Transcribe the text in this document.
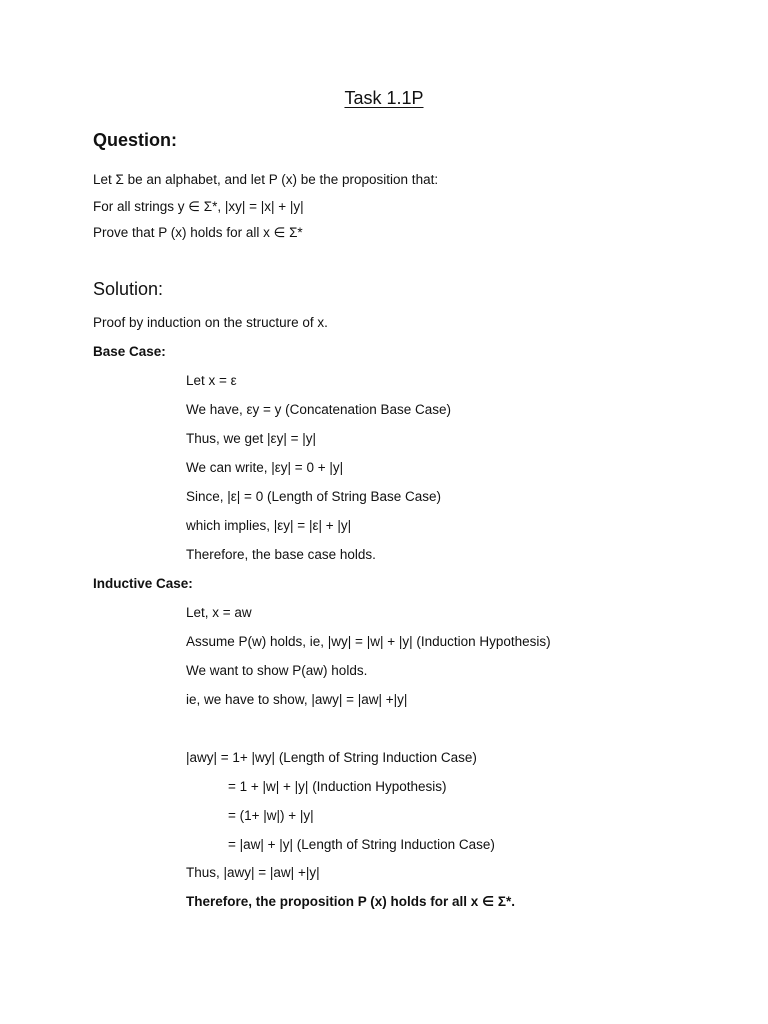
Task 1.1P
Question:
Let Σ be an alphabet, and let P (x) be the proposition that:
For all strings y ∈ Σ*, |xy| = |x| + |y|
Prove that P (x) holds for all x ∈ Σ*
Solution:
Proof by induction on the structure of x.
Base Case:
Let x = ε
We have, εy = y (Concatenation Base Case)
Thus, we get |εy| = |y|
We can write, |εy| = 0 + |y|
Since, |ε| = 0 (Length of String Base Case)
which implies, |εy| = |ε| + |y|
Therefore, the base case holds.
Inductive Case:
Let, x = aw
Assume P(w) holds, ie, |wy| = |w| + |y| (Induction Hypothesis)
We want to show P(aw) holds.
ie, we have to show, |awy| = |aw| +|y|
|awy| = 1+ |wy| (Length of String Induction Case)
= 1 + |w| + |y| (Induction Hypothesis)
= (1+ |w|) + |y|
= |aw| + |y| (Length of String Induction Case)
Thus, |awy| = |aw| +|y|
Therefore, the proposition P (x) holds for all x ∈ Σ*.
